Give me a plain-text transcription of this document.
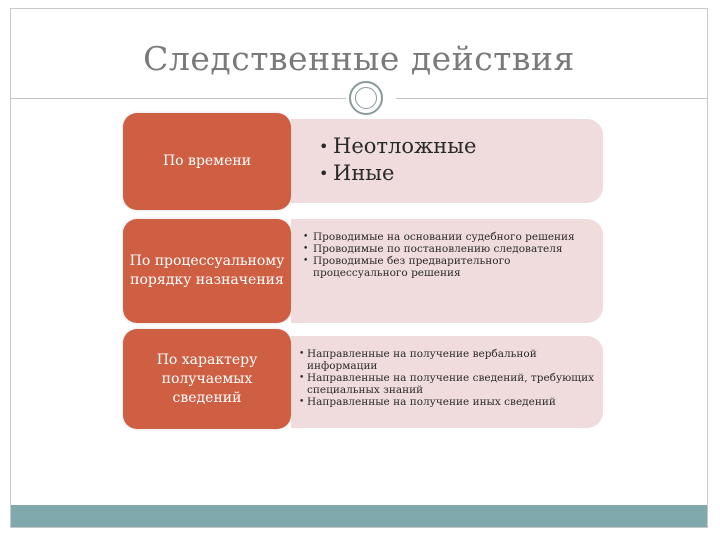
Следственные действия
По времени
• Неотложные
• Иные
По процессуальному порядку назначения
• Проводимые на основании судебного решения
• Проводимые по постановлению следователя
• Проводимые без предварительного процессуального решения
По характеру получаемых сведений
• Направленные на получение вербальной информации
• Направленные на получение сведений, требующих специальных знаний
• Направленные на получение иных сведений
